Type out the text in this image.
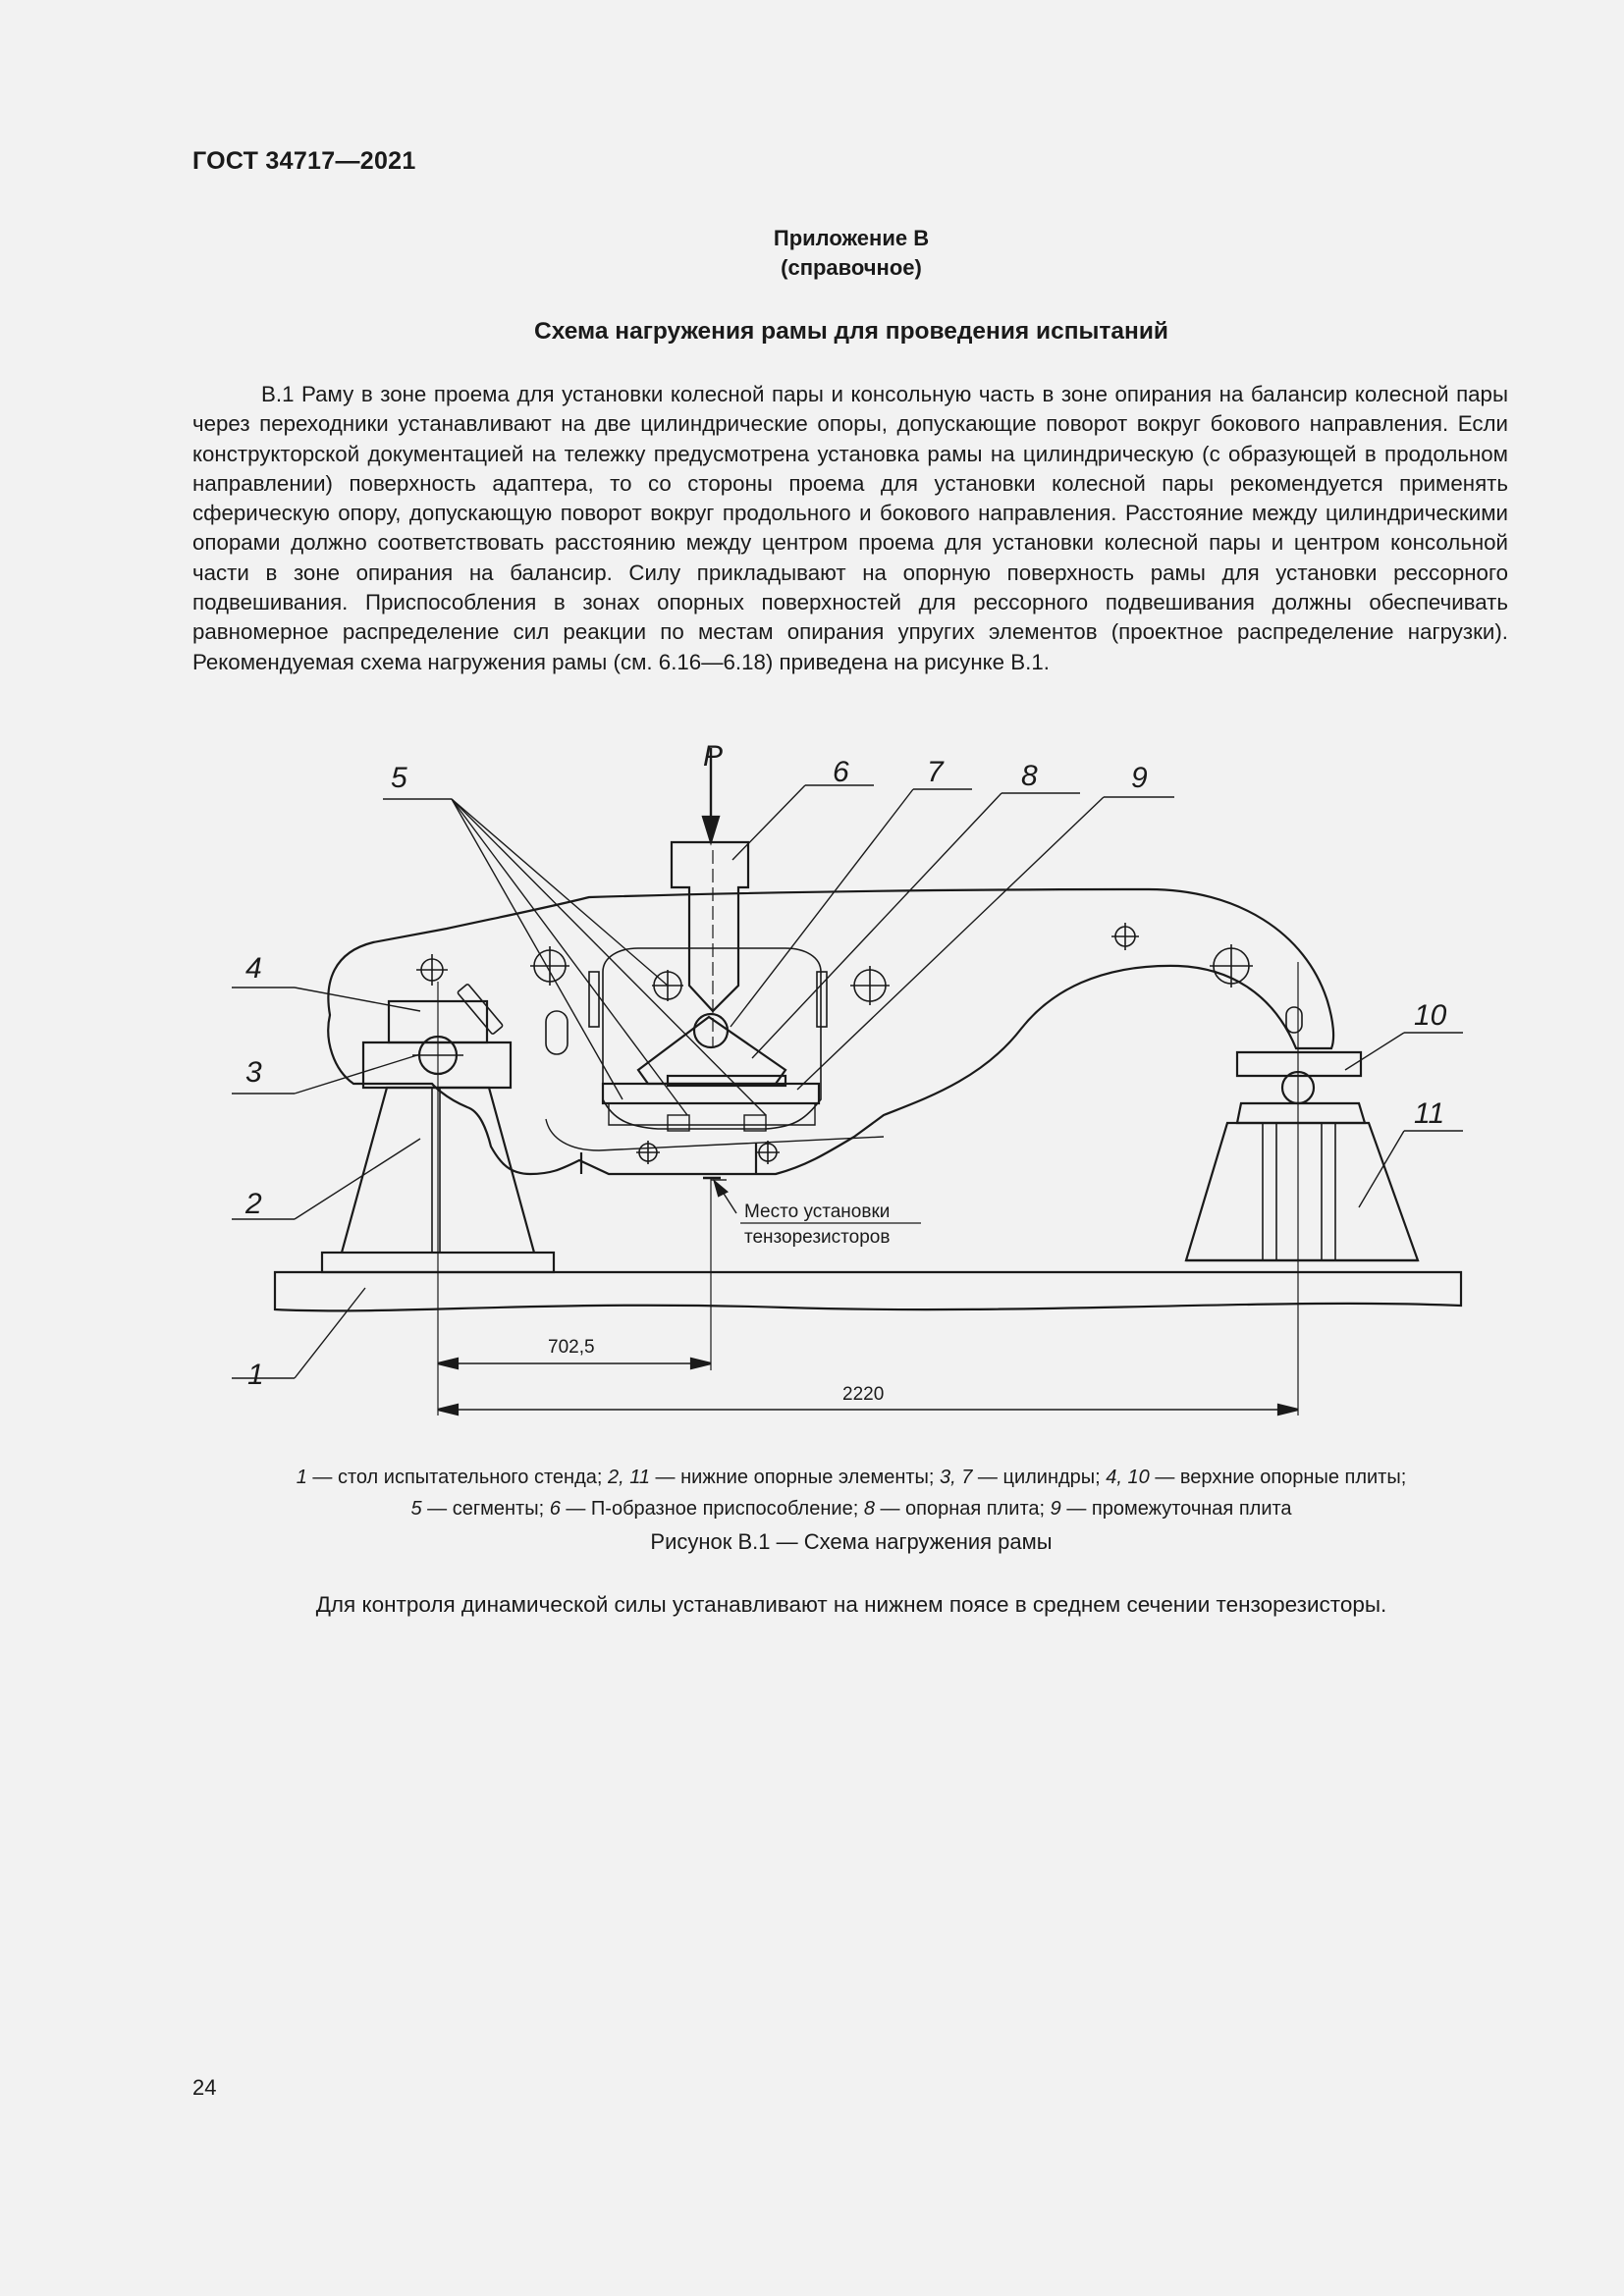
ГОСТ 34717—2021
Приложение В
(справочное)
Схема нагружения рамы для проведения испытаний

В.1 Раму в зоне проема для установки колесной пары и консольную часть в зоне опирания на балансир колесной пары через переходники устанавливают на две цилиндрические опоры, допускающие поворот вокруг бокового направления. Если конструкторской документацией на тележку предусмотрена установка рамы на цилиндрическую (с образующей в продольном направлении) поверхность адаптера, то со стороны проема для установки колесной пары рекомендуется применять сферическую опору, допускающую поворот вокруг продольного и бокового направления. Расстояние между цилиндрическими опорами должно соответствовать расстоянию между центром проема для установки колесной пары и центром консольной части в зоне опирания на балансир. Силу прикладывают на опорную поверхность рамы для установки рессорного подвешивания. Приспособления в зонах опорных поверхностей для рессорного подвешивания должны обеспечивать равномерное распределение сил реакции по местам опирания упругих элементов (проектное распределение нагрузки). Рекомендуемая схема нагружения рамы (см. 6.16—6.18) приведена на рисунке В.1.

P
1
2
3
4
5	6	7	8	9
10
11
702,5
2220
Место установки
тензорезисторов
1 — стол испытательного стенда; 2, 11 — нижние опорные элементы; 3, 7 — цилиндры; 4, 10 — верхние опорные плиты;
5 — сегменты; 6 — П-образное приспособление; 8 — опорная плита; 9 — промежуточная плита
Рисунок В.1 — Схема нагружения рамы
Для контроля динамической силы устанавливают на нижнем поясе в среднем сечении тензорезисторы.
24
